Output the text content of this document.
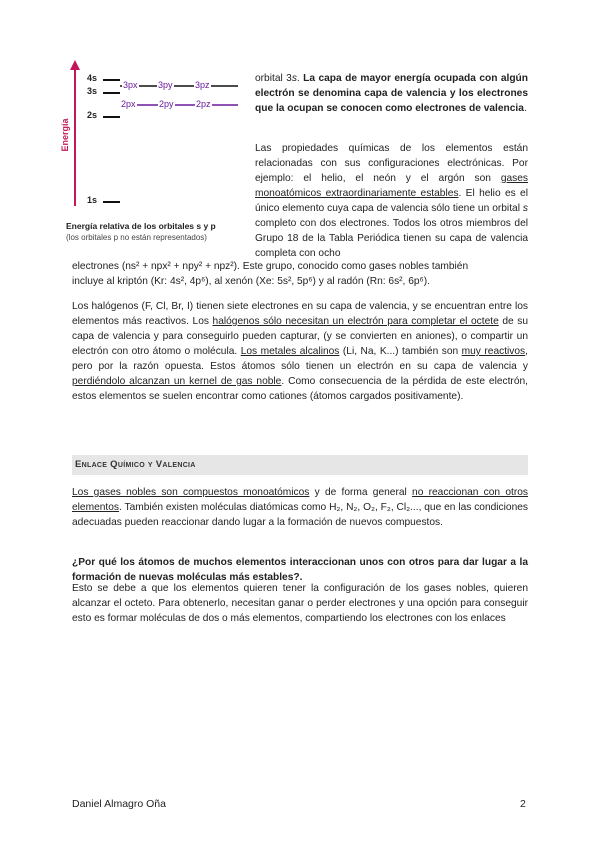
Energía
4s
3s
2s
1s
3px 3py 3pz
2px	2py 2pz
Energía relativa de los orbitales s y p
(los orbitales p no están representados)
orbital 3s. La capa de mayor energía ocupada con algún electrón se denomina capa de valencia y los electrones que la ocupan se conocen como electrones de valencia.
Las propiedades químicas de los elementos están relacionadas con sus configuraciones electrónicas. Por ejemplo: el helio, el neón y el argón son gases monoatómicos extraordinariamente estables. El helio es el único elemento cuya capa de valencia sólo tiene un orbital s completo con dos electrones. Todos los otros miembros del Grupo 18 de la Tabla Periódica tienen su capa de valencia completa con ocho
electrones (ns² + npx² + npy² + npz²). Este grupo, conocido como gases nobles también
incluye al kriptón (Kr: 4s², 4p⁶), al xenón (Xe: 5s², 5p⁶) y al radón (Rn: 6s², 6p⁶).
Los halógenos (F, Cl, Br, I) tienen siete electrones en su capa de valencia, y se encuentran entre los elementos más reactivos. Los halógenos sólo necesitan un electrón para completar el octete de su capa de valencia y para conseguirlo pueden capturar, (y se convierten en aniones), o compartir un electrón con otro átomo o molécula. Los metales alcalinos (Li, Na, K...) también son muy reactivos, pero por la razón opuesta. Estos átomos sólo tienen un electrón en su capa de valencia y perdiéndolo alcanzan un kernel de gas noble. Como consecuencia de la pérdida de este electrón, estos elementos se suelen encontrar como cationes (átomos cargados positivamente).
Enlace Químico y Valencia
Los gases nobles son compuestos monoatómicos y de forma general no reaccionan con otros elementos. También existen moléculas diatómicas como H₂, N₂, O₂, F₂, Cl₂..., que en las condiciones adecuadas pueden reaccionar dando lugar a la formación de nuevos compuestos.
¿Por qué los átomos de muchos elementos interaccionan unos con otros para dar lugar a la formación de nuevas moléculas más estables?.
Esto se debe a que los elementos quieren tener la configuración de los gases nobles, quieren alcanzar el octeto. Para obtenerlo, necesitan ganar o perder electrones y una opción para conseguir esto es formar moléculas de dos o más elementos, compartiendo los electrones con los enlaces
Daniel Almagro Oña	2
